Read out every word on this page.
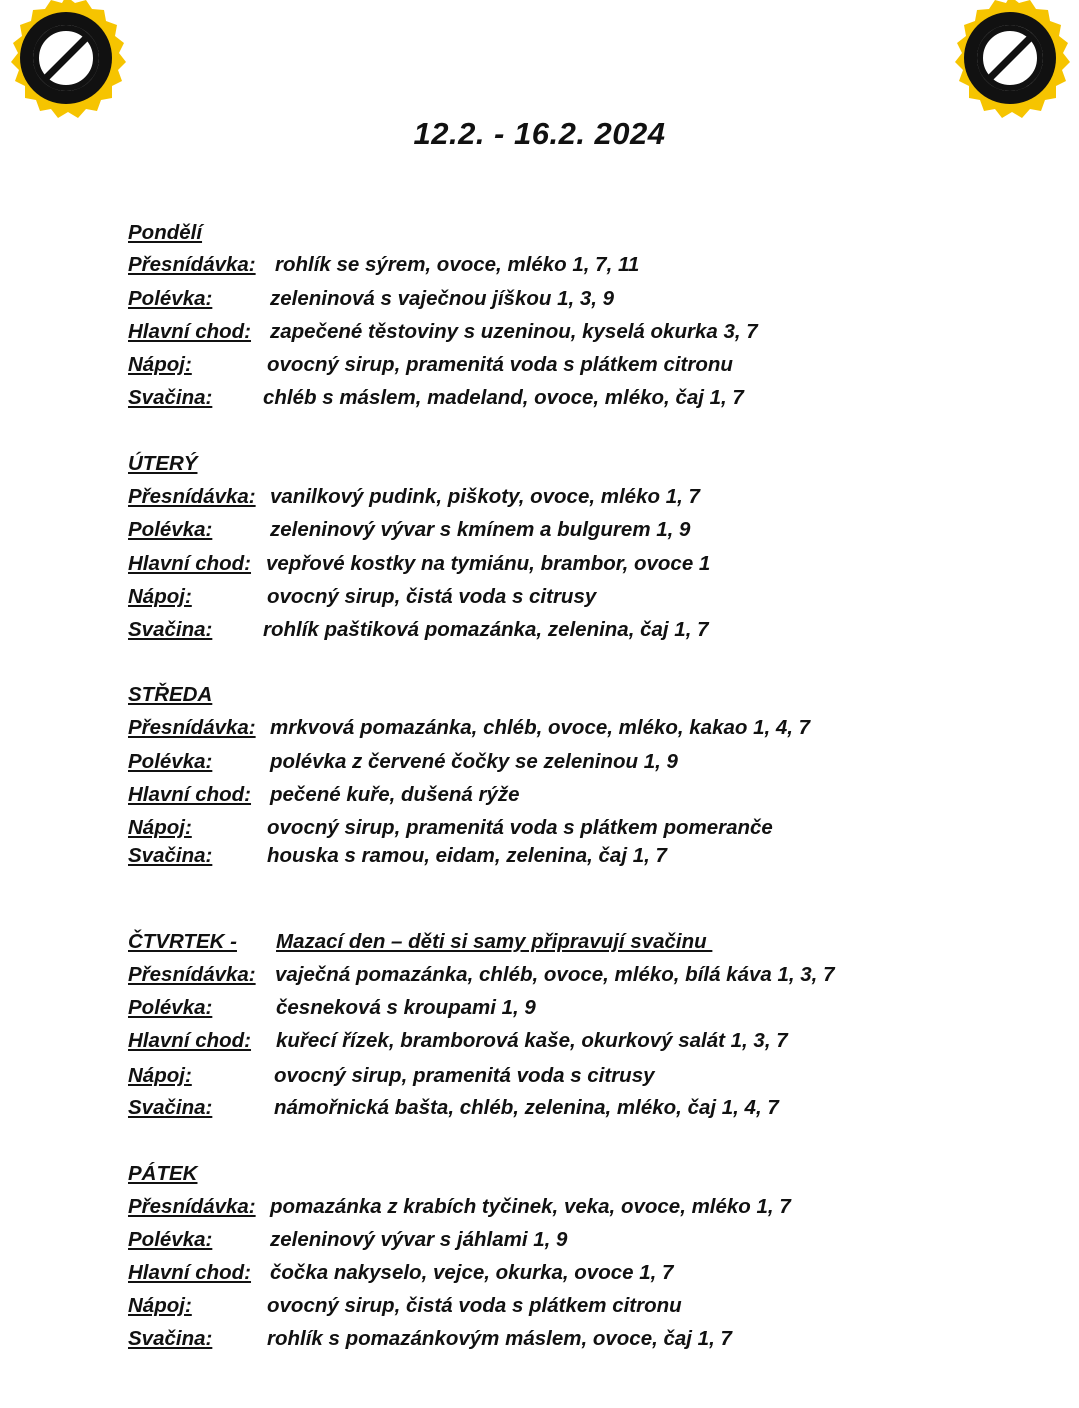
12.2. - 16.2. 2024
Pondělí
Přesnídávka: rohlík se sýrem, ovoce, mléko 1, 7, 11
Polévka:	zeleninová s vaječnou jíškou 1, 3, 9
Hlavní chod: zapečené těstoviny s uzeninou, kyselá okurka 3, 7
Nápoj:	ovocný sirup, pramenitá voda s plátkem citronu
Svačina: chléb s máslem, madeland, ovoce, mléko, čaj 1, 7
ÚTERÝ
Přesnídávka: vanilkový pudink, piškoty, ovoce, mléko 1, 7
Polévka:	zeleninový vývar s kmínem a bulgurem 1, 9
Hlavní chod: vepřové kostky na tymiánu, brambor, ovoce 1
Nápoj:	ovocný sirup, čistá voda s citrusy
Svačina: rohlík paštiková pomazánka, zelenina, čaj 1, 7
STŘEDA
Přesnídávka: mrkvová pomazánka, chléb, ovoce, mléko, kakao 1, 4, 7
Polévka:	polévka z červené čočky se zeleninou 1, 9
Hlavní chod: pečené kuře, dušená rýže
Nápoj:	ovocný sirup, pramenitá voda s plátkem pomeranče
Svačina:	houska s ramou, eidam, zelenina, čaj 1, 7
ČTVRTEK - Mazací den – děti si samy připravují svačinu
Přesnídávka: vaječná pomazánka, chléb, ovoce, mléko, bílá káva 1, 3, 7
Polévka:	česneková s kroupami 1, 9
Hlavní chod: kuřecí řízek, bramborová kaše, okurkový salát 1, 3, 7
Nápoj:	ovocný sirup, pramenitá voda s citrusy
Svačina:	námořnická bašta, chléb, zelenina, mléko, čaj 1, 4, 7
PÁTEK
Přesnídávka: pomazánka z krabích tyčinek, veka, ovoce, mléko 1, 7
Polévka:	zeleninový vývar s jáhlami 1, 9
Hlavní chod: čočka nakyselo, vejce, okurka, ovoce 1, 7
Nápoj:	ovocný sirup, čistá voda s plátkem citronu
Svačina:	rohlík s pomazánkovým máslem, ovoce, čaj 1, 7
